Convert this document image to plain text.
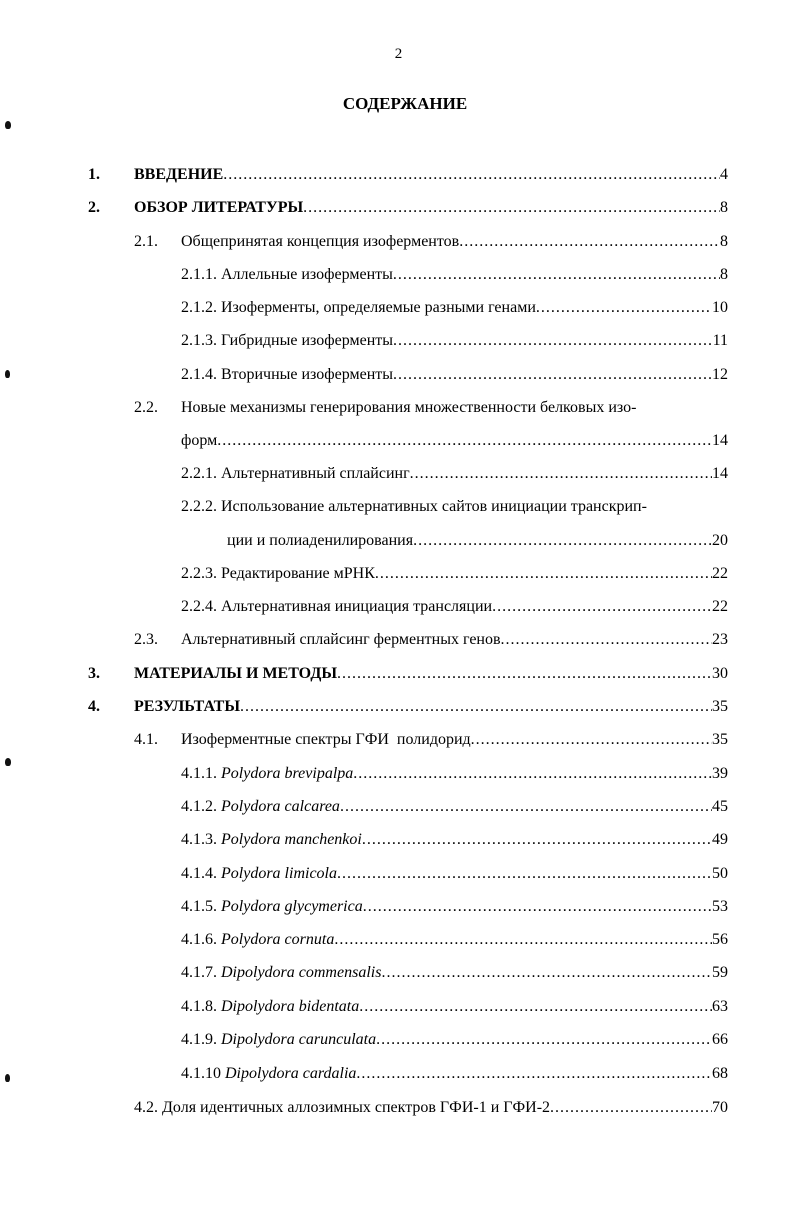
2
СОДЕРЖАНИЕ
1. ВВЕДЕНИЕ .....	4
2. ОБЗОР ЛИТЕРАТУРЫ .....	8
2.1. Общепринятая концепция изоферментов .....	8
2.1.1. Аллельные изоферменты .....	8
2.1.2. Изоферменты, определяемые разными генами .....	10
2.1.3. Гибридные изоферменты .....	11
2.1.4. Вторичные изоферменты .....	12
2.2. Новые механизмы генерирования множественности белковых изо-
форм .....	14
2.2.1. Альтернативный сплайсинг .....	14
2.2.2. Использование альтернативных сайтов инициации транскрип-
ции и полиаденилирования .....	20
2.2.3. Редактирование мРНК .....	22
2.2.4. Альтернативная инициация трансляции .....	22
2.3. Альтернативный сплайсинг ферментных генов .....	23
3. МАТЕРИАЛЫ И МЕТОДЫ .....	30
4. РЕЗУЛЬТАТЫ .....	35
4.1. Изоферментные спектры ГФИ  полидорид .....	35
4.1.1. Polydora brevipalpa .....	39
4.1.2. Polydora calcarea .....	45
4.1.3. Polydora manchenkoi .....	49
4.1.4. Polydora limicola .....	50
4.1.5. Polydora glycymerica .....	53
4.1.6. Polydora cornuta .....	56
4.1.7. Dipolydora commensalis .....	59
4.1.8. Dipolydora bidentata .....	63
4.1.9. Dipolydora carunculata .....	66
4.1.10 Dipolydora cardalia .....	68
4.2. Доля идентичных аллозимных спектров ГФИ-1 и ГФИ-2 .....	70
